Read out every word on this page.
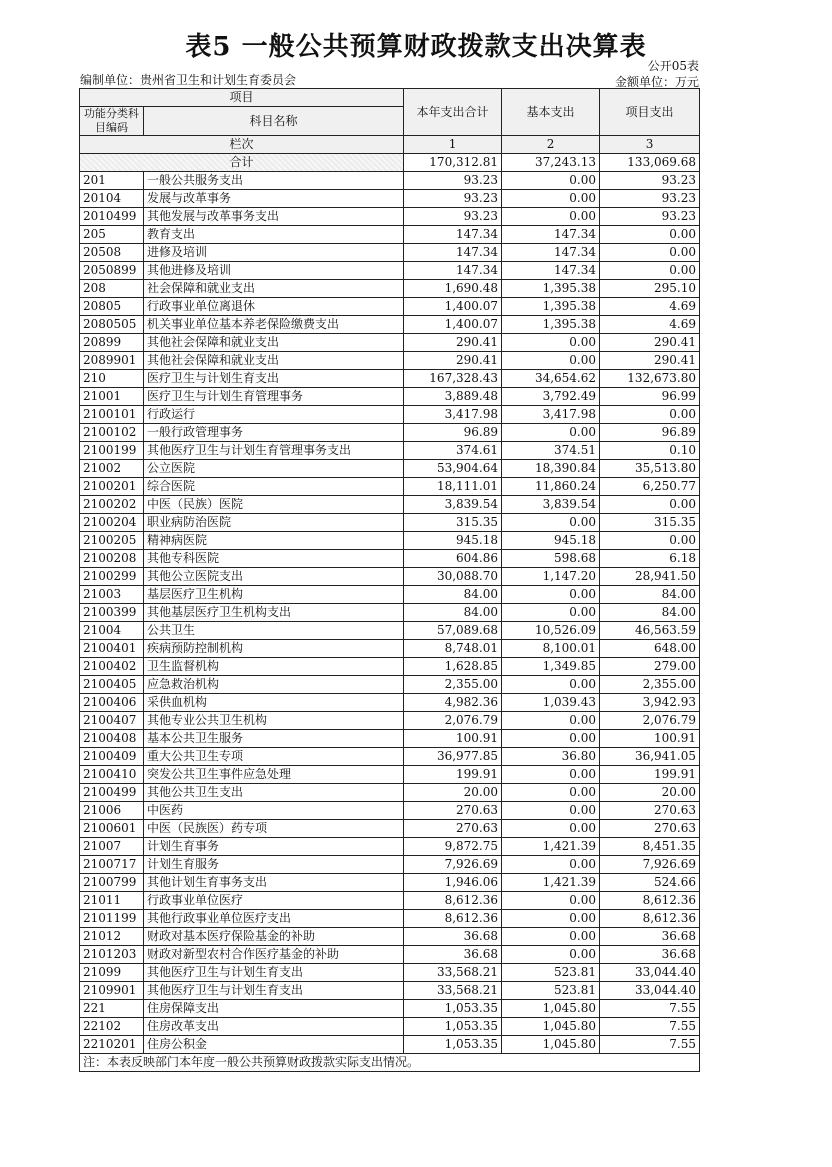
表5 一般公共预算财政拨款支出决算表
公开05表
编制单位：贵州省卫生和计划生育委员会	金额单位：万元
项目		本年支出合计	基本支出	项目支出
功能分类科目编码	科目名称			
栏次		1	2	3
合计		170,312.81	37,243.13	133,069.68
201	一般公共服务支出	93.23	0.00	93.23
20104	发展与改革事务	93.23	0.00	93.23
2010499	其他发展与改革事务支出	93.23	0.00	93.23
205	教育支出	147.34	147.34	0.00
20508	进修及培训	147.34	147.34	0.00
2050899	其他进修及培训	147.34	147.34	0.00
208	社会保障和就业支出	1,690.48	1,395.38	295.10
20805	行政事业单位离退休	1,400.07	1,395.38	4.69
2080505	机关事业单位基本养老保险缴费支出	1,400.07	1,395.38	4.69
20899	其他社会保障和就业支出	290.41	0.00	290.41
2089901	其他社会保障和就业支出	290.41	0.00	290.41
210	医疗卫生与计划生育支出	167,328.43	34,654.62	132,673.80
21001	医疗卫生与计划生育管理事务	3,889.48	3,792.49	96.99
2100101	行政运行	3,417.98	3,417.98	0.00
2100102	一般行政管理事务	96.89	0.00	96.89
2100199	其他医疗卫生与计划生育管理事务支出	374.61	374.51	0.10
21002	公立医院	53,904.64	18,390.84	35,513.80
2100201	综合医院	18,111.01	11,860.24	6,250.77
2100202	中医（民族）医院	3,839.54	3,839.54	0.00
2100204	职业病防治医院	315.35	0.00	315.35
2100205	精神病医院	945.18	945.18	0.00
2100208	其他专科医院	604.86	598.68	6.18
2100299	其他公立医院支出	30,088.70	1,147.20	28,941.50
21003	基层医疗卫生机构	84.00	0.00	84.00
2100399	其他基层医疗卫生机构支出	84.00	0.00	84.00
21004	公共卫生	57,089.68	10,526.09	46,563.59
2100401	疾病预防控制机构	8,748.01	8,100.01	648.00
2100402	卫生监督机构	1,628.85	1,349.85	279.00
2100405	应急救治机构	2,355.00	0.00	2,355.00
2100406	采供血机构	4,982.36	1,039.43	3,942.93
2100407	其他专业公共卫生机构	2,076.79	0.00	2,076.79
2100408	基本公共卫生服务	100.91	0.00	100.91
2100409	重大公共卫生专项	36,977.85	36.80	36,941.05
2100410	突发公共卫生事件应急处理	199.91	0.00	199.91
2100499	其他公共卫生支出	20.00	0.00	20.00
21006	中医药	270.63	0.00	270.63
2100601	中医（民族医）药专项	270.63	0.00	270.63
21007	计划生育事务	9,872.75	1,421.39	8,451.35
2100717	计划生育服务	7,926.69	0.00	7,926.69
2100799	其他计划生育事务支出	1,946.06	1,421.39	524.66
21011	行政事业单位医疗	8,612.36	0.00	8,612.36
2101199	其他行政事业单位医疗支出	8,612.36	0.00	8,612.36
21012	财政对基本医疗保险基金的补助	36.68	0.00	36.68
2101203	财政对新型农村合作医疗基金的补助	36.68	0.00	36.68
21099	其他医疗卫生与计划生育支出	33,568.21	523.81	33,044.40
2109901	其他医疗卫生与计划生育支出	33,568.21	523.81	33,044.40
221	住房保障支出	1,053.35	1,045.80	7.55
22102	住房改革支出	1,053.35	1,045.80	7.55
2210201	住房公积金	1,053.35	1,045.80	7.55
注：本表反映部门本年度一般公共预算财政拨款实际支出情况。				
